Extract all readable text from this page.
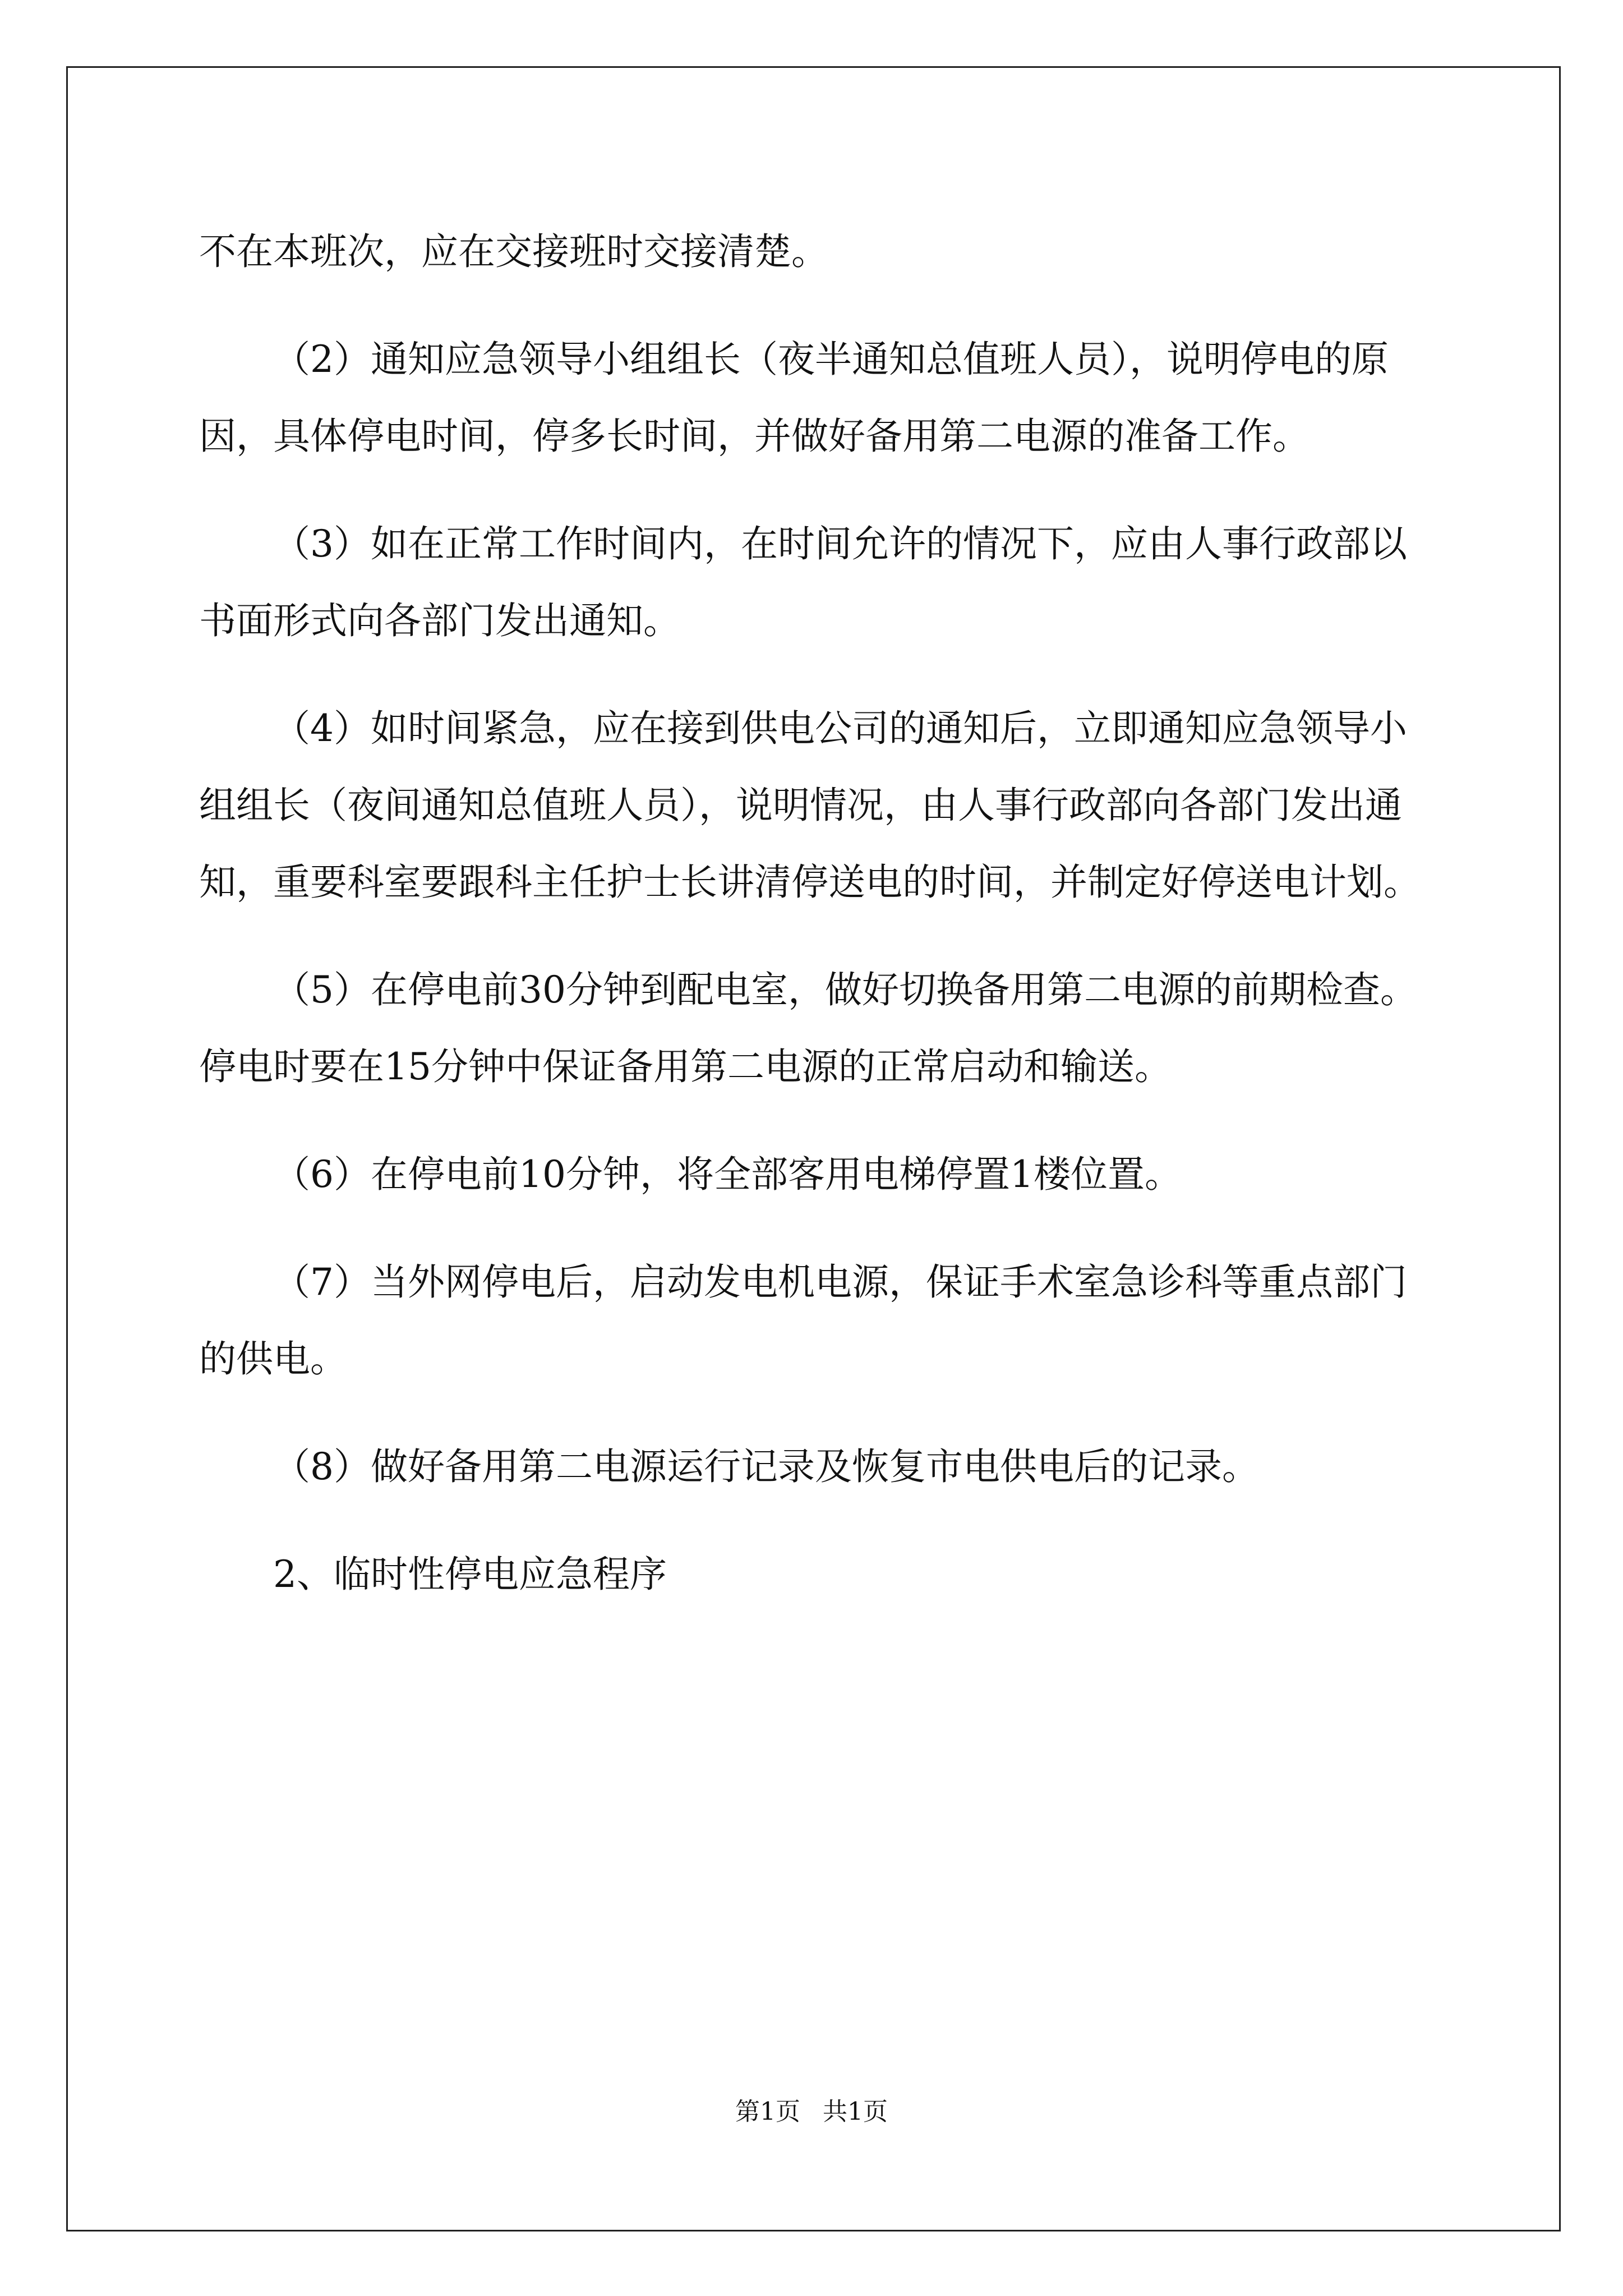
不在本班次，应在交接班时交接清楚。

（2）通知应急领导小组组长（夜半通知总值班人员），说明停电的原因，具体停电时间，停多长时间，并做好备用第二电源的准备工作。

（3）如在正常工作时间内，在时间允许的情况下，应由人事行政部以书面形式向各部门发出通知。

（4）如时间紧急，应在接到供电公司的通知后，立即通知应急领导小组组长（夜间通知总值班人员），说明情况，由人事行政部向各部门发出通知，重要科室要跟科主任护士长讲清停送电的时间，并制定好停送电计划。

（5）在停电前30分钟到配电室，做好切换备用第二电源的前期检查。停电时要在15分钟中保证备用第二电源的正常启动和输送。

（6）在停电前10分钟，将全部客用电梯停置1楼位置。

（7）当外网停电后，启动发电机电源，保证手术室急诊科等重点部门的供电。

（8）做好备用第二电源运行记录及恢复市电供电后的记录。

2、临时性停电应急程序

第1页 共1页
